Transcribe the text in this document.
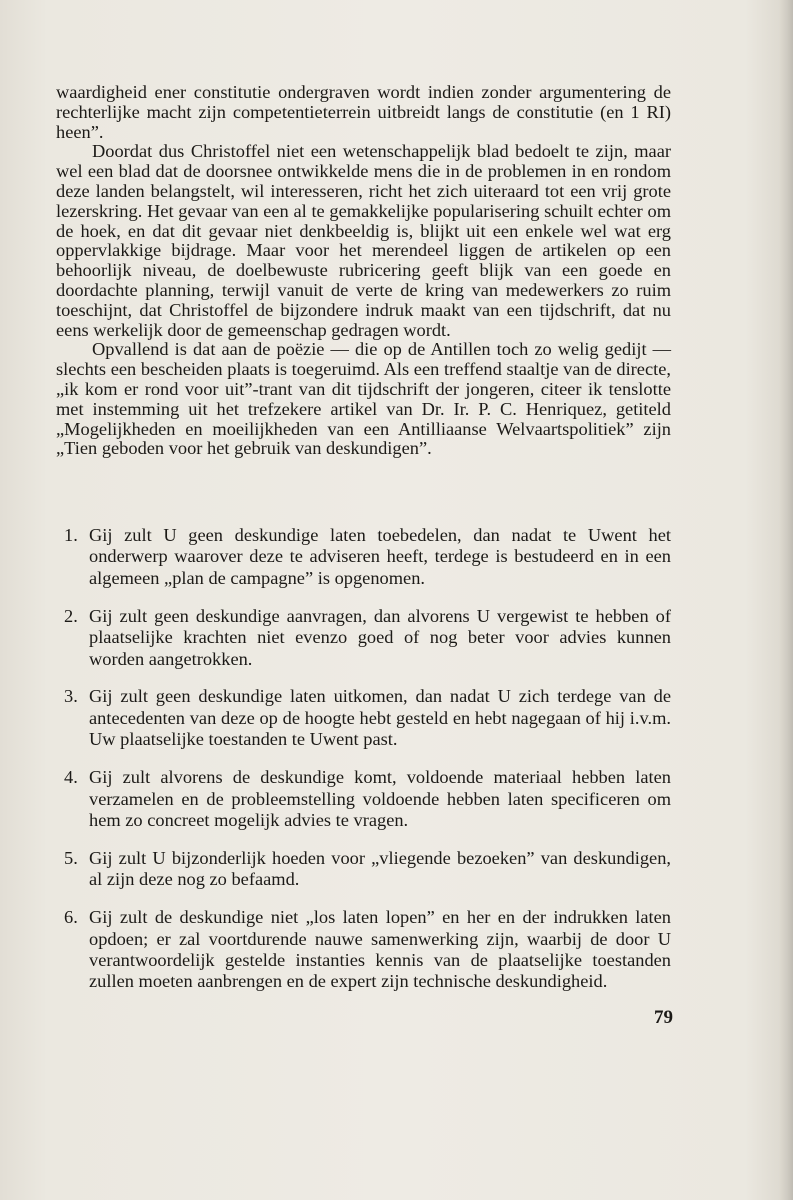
waardigheid ener constitutie ondergraven wordt indien zonder argumentering de rechterlijke macht zijn competentieterrein uitbreidt langs de constitutie (en 1 RI) heen”.

Doordat dus Christoffel niet een wetenschappelijk blad bedoelt te zijn, maar wel een blad dat de doorsnee ontwikkelde mens die in de problemen in en rondom deze landen belangstelt, wil interesseren, richt het zich uiteraard tot een vrij grote lezerskring. Het gevaar van een al te gemakkelijke popularisering schuilt echter om de hoek, en dat dit gevaar niet denkbeeldig is, blijkt uit een enkele wel wat erg oppervlakkige bijdrage. Maar voor het merendeel liggen de artikelen op een behoorlijk niveau, de doelbewuste rubricering geeft blijk van een goede en doordachte planning, terwijl vanuit de verte de kring van medewerkers zo ruim toeschijnt, dat Christoffel de bijzondere indruk maakt van een tijdschrift, dat nu eens werkelijk door de gemeenschap gedragen wordt.

Opvallend is dat aan de poëzie — die op de Antillen toch zo welig gedijt — slechts een bescheiden plaats is toegeruimd. Als een treffend staaltje van de directe, „ik kom er rond voor uit”-trant van dit tijdschrift der jongeren, citeer ik tenslotte met instemming uit het trefzekere artikel van Dr. Ir. P. C. Henriquez, getiteld „Mogelijkheden en moeilijkheden van een Antilliaanse Welvaartspolitiek” zijn „Tien geboden voor het gebruik van deskundigen”.

1. Gij zult U geen deskundige laten toebedelen, dan nadat te Uwent het onderwerp waarover deze te adviseren heeft, terdege is bestudeerd en in een algemeen „plan de campagne” is opgenomen.
2. Gij zult geen deskundige aanvragen, dan alvorens U vergewist te hebben of plaatselijke krachten niet evenzo goed of nog beter voor advies kunnen worden aangetrokken.
3. Gij zult geen deskundige laten uitkomen, dan nadat U zich terdege van de antecedenten van deze op de hoogte hebt gesteld en hebt nagegaan of hij i.v.m. Uw plaatselijke toestanden te Uwent past.
4. Gij zult alvorens de deskundige komt, voldoende materiaal hebben laten verzamelen en de probleemstelling voldoende hebben laten specificeren om hem zo concreet mogelijk advies te vragen.
5. Gij zult U bijzonderlijk hoeden voor „vliegende bezoeken” van deskundigen, al zijn deze nog zo befaamd.
6. Gij zult de deskundige niet „los laten lopen” en her en der indrukken laten opdoen; er zal voortdurende nauwe samenwerking zijn, waarbij de door U verantwoordelijk gestelde instanties kennis van de plaatselijke toestanden zullen moeten aanbrengen en de expert zijn technische deskundigheid.
79
